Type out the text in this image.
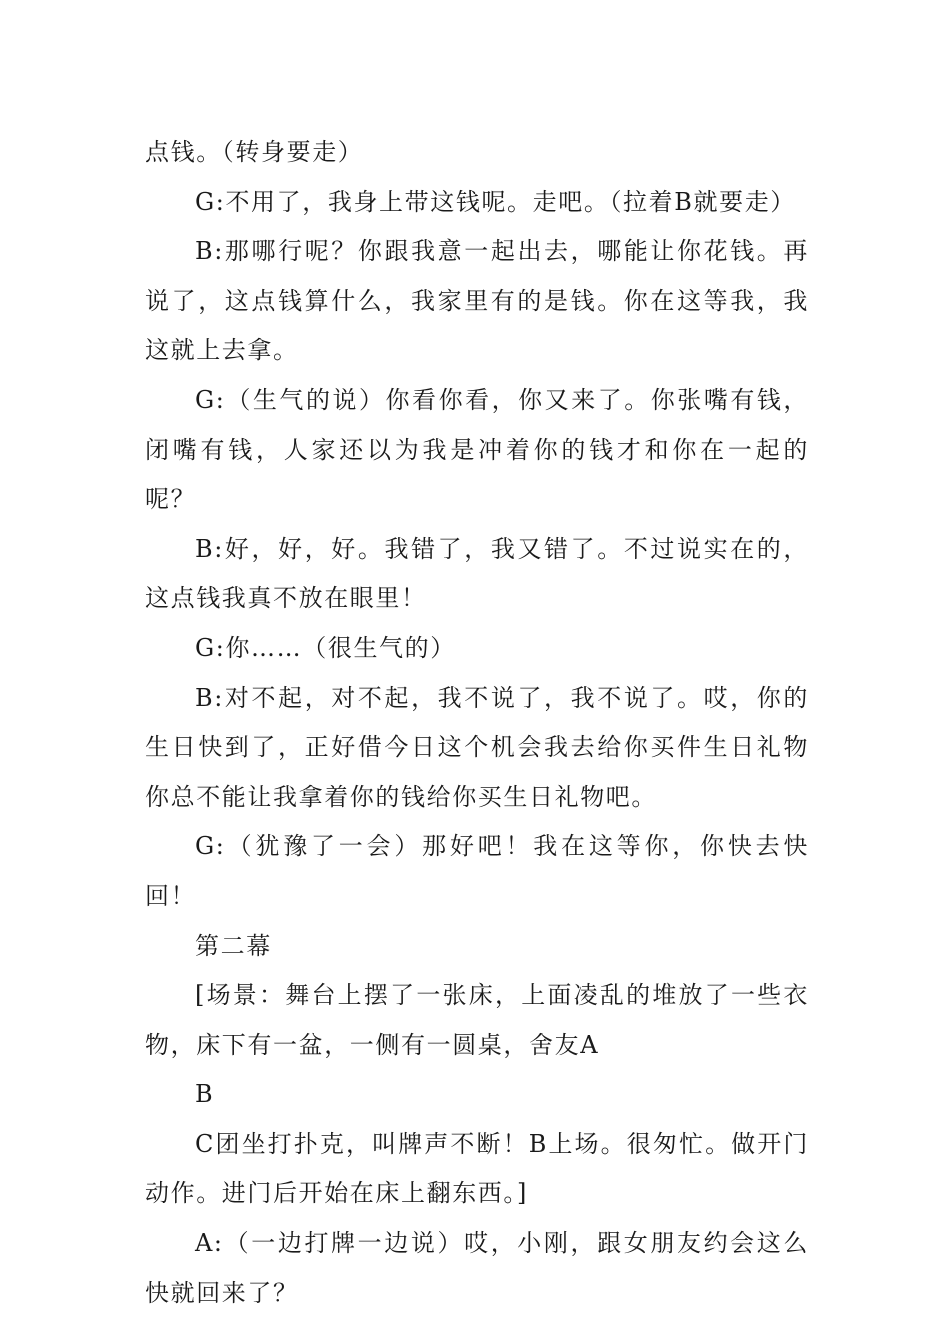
点钱。（转身要走）

G:不用了，我身上带这钱呢。走吧。（拉着B就要走）

B:那哪行呢？你跟我意一起出去，哪能让你花钱。再说了，这点钱算什么，我家里有的是钱。你在这等我，我这就上去拿。

G:（生气的说）你看你看，你又来了。你张嘴有钱，闭嘴有钱，人家还以为我是冲着你的钱才和你在一起的呢？

B:好，好，好。我错了，我又错了。不过说实在的，这点钱我真不放在眼里！

G:你……（很生气的）

B:对不起，对不起，我不说了，我不说了。哎，你的生日快到了，正好借今日这个机会我去给你买件生日礼物你总不能让我拿着你的钱给你买生日礼物吧。

G:（犹豫了一会）那好吧！我在这等你，你快去快回！

第二幕

[场景：舞台上摆了一张床，上面凌乱的堆放了一些衣物，床下有一盆，一侧有一圆桌，舍友A

B

C团坐打扑克，叫牌声不断！B上场。很匆忙。做开门动作。进门后开始在床上翻东西。]

A:（一边打牌一边说）哎，小刚，跟女朋友约会这么快就回来了？
